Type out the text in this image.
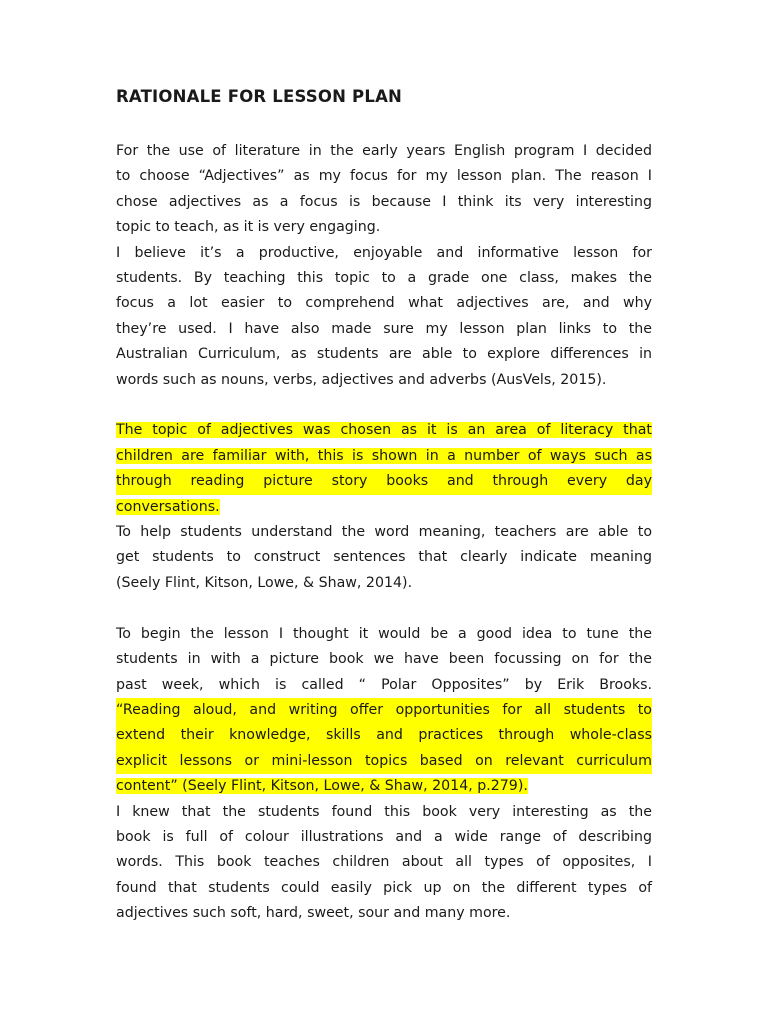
RATIONALE FOR LESSON PLAN
For the use of literature in the early years English program I decided
to choose “Adjectives” as my focus for my lesson plan. The reason I
chose adjectives as a focus is because I think its very interesting
topic to teach, as it is very engaging.
I believe it’s a productive, enjoyable and informative lesson for
students. By teaching this topic to a grade one class, makes the
focus a lot easier to comprehend what adjectives are, and why
they’re used. I have also made sure my lesson plan links to the
Australian Curriculum, as students are able to explore differences in
words such as nouns, verbs, adjectives and adverbs (AusVels, 2015).
The topic of adjectives was chosen as it is an area of literacy that
children are familiar with, this is shown in a number of ways such as
through reading picture story books and through every day
conversations.
To help students understand the word meaning, teachers are able to
get students to construct sentences that clearly indicate meaning
(Seely Flint, Kitson, Lowe, & Shaw, 2014).
To begin the lesson I thought it would be a good idea to tune the
students in with a picture book we have been focussing on for the
past week, which is called “ Polar Opposites” by Erik Brooks.
“Reading aloud, and writing offer opportunities for all students to
extend their knowledge, skills and practices through whole-class
explicit lessons or mini-lesson topics based on relevant curriculum
content” (Seely Flint, Kitson, Lowe, & Shaw, 2014, p.279).
I knew that the students found this book very interesting as the
book is full of colour illustrations and a wide range of describing
words. This book teaches children about all types of opposites, I
found that students could easily pick up on the different types of
adjectives such soft, hard, sweet, sour and many more.
